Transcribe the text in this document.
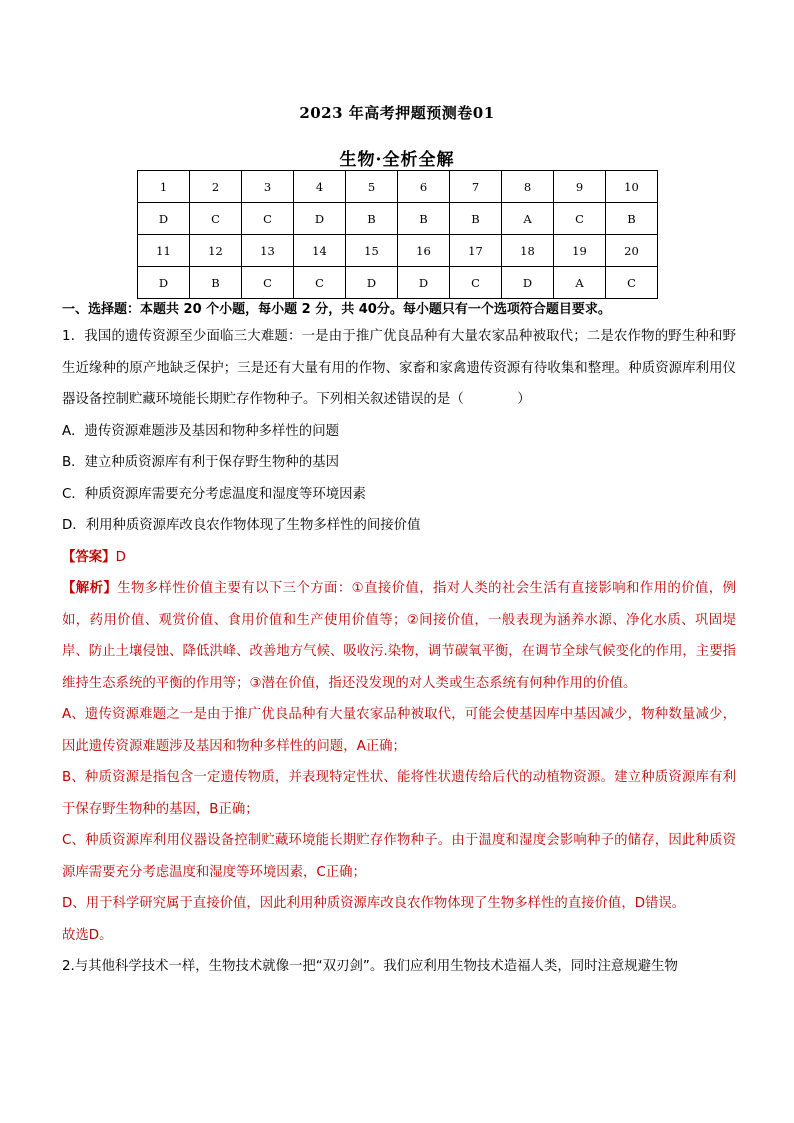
2023 年高考押题预测卷01
生物·全析全解
1	2	3	4	5	6	7	8	9	10
D	C	C	D	B	B	B	A	C	B
11	12	13	14	15	16	17	18	19	20
D	B	C	C	D	D	C	D	A	C

一、选择题：本题共 20 个小题，每小题 2 分，共 40分。每小题只有一个选项符合题目要求。

1．我国的遗传资源至少面临三大难题：一是由于推广优良品种有大量农家品种被取代；二是农作物的野生种和野生近缘种的原产地缺乏保护；三是还有大量有用的作物、家畜和家禽遗传资源有待收集和整理。种质资源库利用仪器设备控制贮藏环境能长期贮存作物种子。下列相关叙述错误的是（　　　　）

A．遗传资源难题涉及基因和物种多样性的问题

B．建立种质资源库有利于保存野生物种的基因

C．种质资源库需要充分考虑温度和湿度等环境因素

D．利用种质资源库改良农作物体现了生物多样性的间接价值

【答案】D

【解析】生物多样性价值主要有以下三个方面：①直接价值，指对人类的社会生活有直接影响和作用的价值，例如，药用价值、观赏价值、食用价值和生产使用价值等；②间接价值，一般表现为涵养水源、净化水质、巩固堤岸、防止土壤侵蚀、降低洪峰、改善地方气候、吸收污.染物，调节碳氧平衡，在调节全球气候变化的作用，主要指维持生态系统的平衡的作用等；③潜在价值，指还没发现的对人类或生态系统有何种作用的价值。

A、遗传资源难题之一是由于推广优良品种有大量农家品种被取代，可能会使基因库中基因减少，物种数量减少，因此遗传资源难题涉及基因和物种多样性的问题，A正确；

B、种质资源是指包含一定遗传物质，并表现特定性状、能将性状遗传给后代的动植物资源。建立种质资源库有利于保存野生物种的基因，B正确；

C、种质资源库利用仪器设备控制贮藏环境能长期贮存作物种子。由于温度和湿度会影响种子的储存，因此种质资源库需要充分考虑温度和湿度等环境因素，C正确；

D、用于科学研究属于直接价值，因此利用种质资源库改良农作物体现了生物多样性的直接价值，D错误。

故选D。

2.与其他科学技术一样，生物技术就像一把“双刃剑”。我们应利用生物技术造福人类，同时注意规避生物
